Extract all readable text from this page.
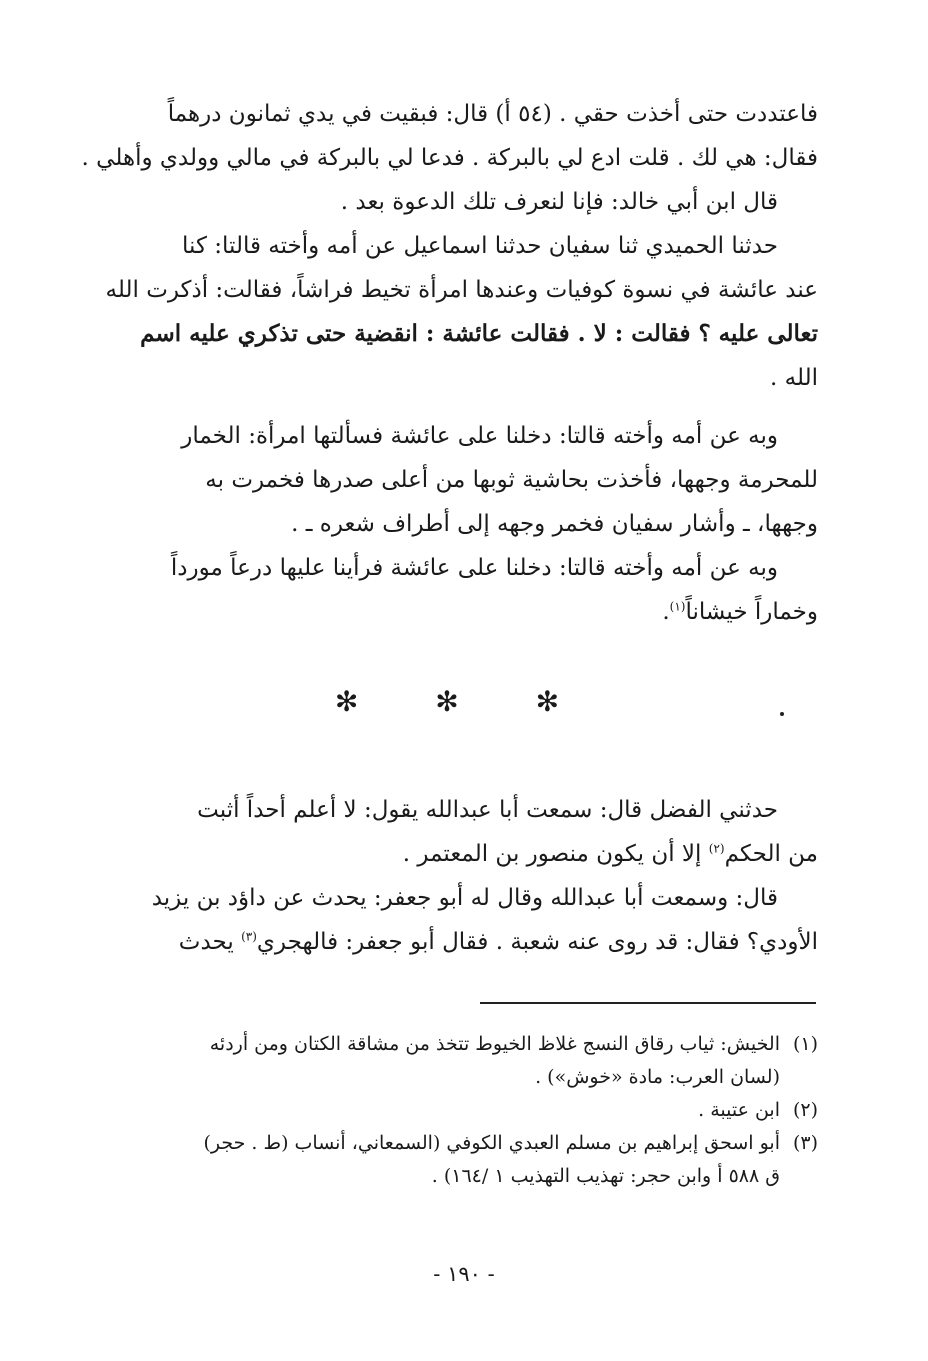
فاعتددت حتى أخذت حقي . (٥٤ أ) قال: فبقيت في يدي ثمانون درهماً
فقال: هي لك . قلت ادع لي بالبركة . فدعا لي بالبركة في مالي وولدي وأهلي .
قال ابن أبي خالد: فإنا لنعرف تلك الدعوة بعد .
حدثنا الحميدي ثنا سفيان حدثنا اسماعيل عن أمه وأخته قالتا: كنا
عند عائشة في نسوة كوفيات وعندها امرأة تخيط فراشاً، فقالت: أذكرت الله
تعالى عليه ؟ فقالت : لا . فقالت عائشة : انقضية حتى تذكري عليه اسم
الله .
وبه عن أمه وأخته قالتا: دخلنا على عائشة فسألتها امرأة: الخمار
للمحرمة وجهها، فأخذت بحاشية ثوبها من أعلى صدرها فخمرت به
وجهها، ـ وأشار سفيان فخمر وجهه إلى أطراف شعره ـ .
وبه عن أمه وأخته قالتا: دخلنا على عائشة فرأينا عليها درعاً مورداً
وخماراً خيشاناً$^{(١)}$.
✻ ✻ ✻
حدثني الفضل قال: سمعت أبا عبدالله يقول: لا أعلم أحداً أثبت
من الحكم$^{(٢)}$ إلا أن يكون منصور بن المعتمر .
قال: وسمعت أبا عبدالله وقال له أبو جعفر: يحدث عن داؤد بن يزيد
الأودي؟ فقال: قد روى عنه شعبة . فقال أبو جعفر: فالهجري$^{(٣)}$ يحدث
(١)الخيش: ثياب رقاق النسج غلاظ الخيوط تتخذ من مشاقة الكتان ومن أردئه
(لسان العرب: مادة «خوش») .
(٢)ابن عتيبة .
(٣)أبو اسحق إبراهيم بن مسلم العبدي الكوفي (السمعاني، أنساب (ط . حجر)
ق ٥٨٨ أ وابن حجر: تهذيب التهذيب ١ /١٦٤) .
- ١٩٠ -
